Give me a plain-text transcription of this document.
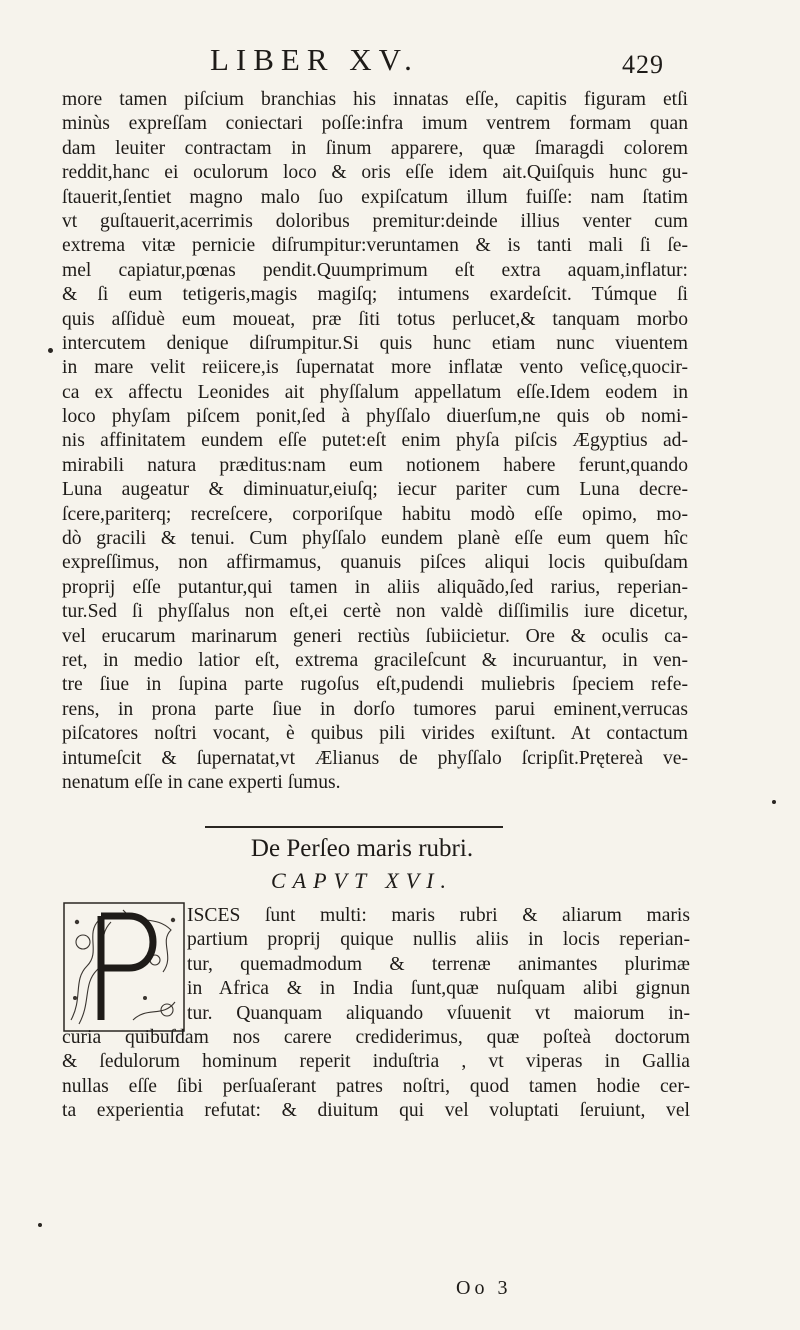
LIBER XV.	429
more tamen piſcium branchias his innatas eſſe, capitis figuram etſi
minùs expreſſam coniectari poſſe:infra imum ventrem formam quan
dam leuiter contractam in ſinum apparere, quæ ſmaragdi colorem
reddit,hanc ei oculorum loco & oris eſſe idem ait.Quiſquis hunc gu-
ſtauerit,ſentiet magno malo ſuo expiſcatum illum fuiſſe: nam ſtatim
vt guſtauerit,acerrimis doloribus premitur:deinde illius venter cum
extrema vitæ pernicie diſrumpitur:veruntamen & is tanti mali ſi ſe-
mel capiatur,pœnas pendit.Quumprimum eſt extra aquam,inflatur:
& ſi eum tetigeris,magis magiſq; intumens exardeſcit. Túmque ſi
quis aſſiduè eum moueat, præ ſiti totus perlucet,& tanquam morbo
intercutem denique diſrumpitur.Si quis hunc etiam nunc viuentem
in mare velit reiicere,is ſupernatat more inflatæ vento veſicę,quocir-
ca ex affectu Leonides ait phyſſalum appellatum eſſe.Idem eodem in
loco phyſam piſcem ponit,ſed à phyſſalo diuerſum,ne quis ob nomi-
nis affinitatem eundem eſſe putet:eſt enim phyſa piſcis Ægyptius ad-
mirabili natura præditus:nam eum notionem habere ferunt,quando
Luna augeatur & diminuatur,eiuſq; iecur pariter cum Luna decre-
ſcere,pariterq; recreſcere, corporiſque habitu modò eſſe opimo, mo-
dò gracili & tenui. Cum phyſſalo eundem planè eſſe eum quem hîc
expreſſimus, non affirmamus, quanuis piſces aliqui locis quibuſdam
proprij eſſe putantur,qui tamen in aliis aliquãdo,ſed rarius, reperian-
tur.Sed ſi phyſſalus non eſt,ei certè non valdè diſſimilis iure dicetur,
vel erucarum marinarum generi rectiùs ſubiicietur. Ore & oculis ca-
ret, in medio latior eſt, extrema gracileſcunt & incuruantur, in ven-
tre ſiue in ſupina parte rugoſus eſt,pudendi muliebris ſpeciem refe-
rens, in prona parte ſiue in dorſo tumores parui eminent,verrucas
piſcatores noſtri vocant, è quibus pili virides exiſtunt. At contactum
intumeſcit & ſupernatat,vt Ælianus de phyſſalo ſcripſit.Prętereà ve-
nenatum eſſe in cane experti ſumus.
De Perſeo maris rubri.
CAPVT XVI.
ISCES ſunt multi: maris rubri & aliarum maris
partium proprij quique nullis aliis in locis reperian-
tur, quemadmodum & terrenæ animantes plurimæ
in Africa & in India ſunt,quæ nuſquam alibi gignun
tur. Quanquam aliquando vſuuenit vt maiorum in-
curia quibuſdam nos carere crediderimus, quæ poſteà doctorum
& ſedulorum hominum reperit induſtria , vt viperas in Gallia
nullas eſſe ſibi perſuaſerant patres noſtri, quod tamen hodie cer-
ta experientia refutat: & diuitum qui vel voluptati ſeruiunt, vel
Oo 3
